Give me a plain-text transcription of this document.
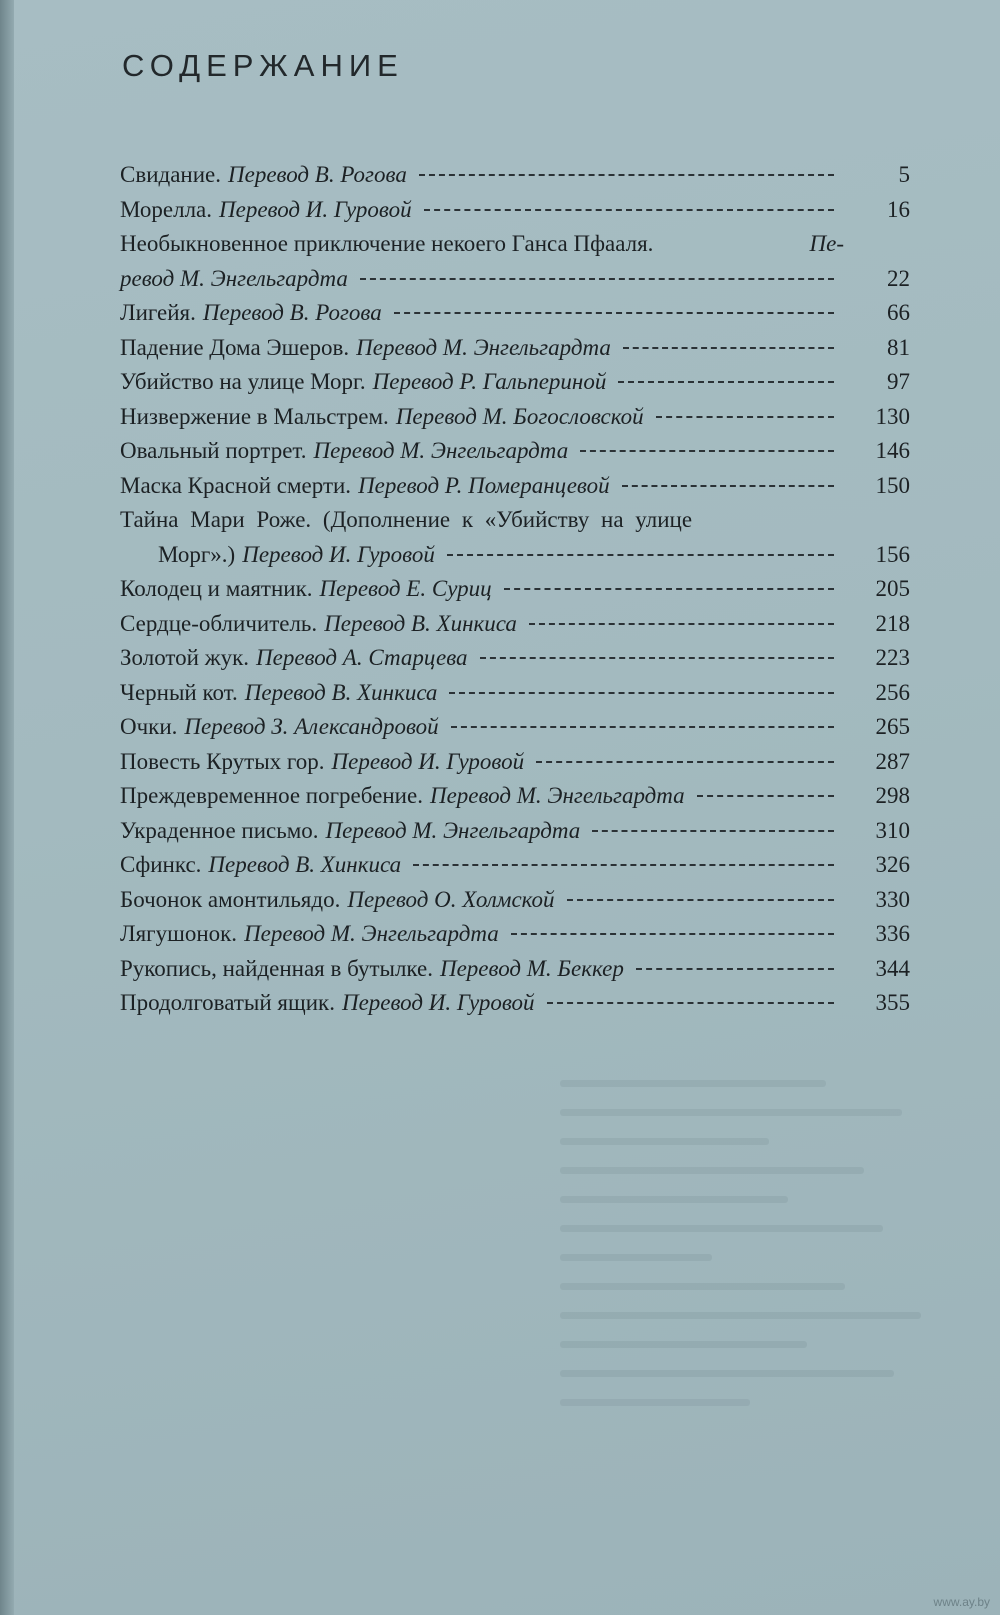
СОДЕРЖАНИЕ
Свидание. Перевод В. Рогова	5
Морелла. Перевод И. Гуровой	16
Необыкновенное приключение некоего Ганса Пфааля.	Пе-
ревод М. Энгельгардта	22
Лигейя. Перевод В. Рогова	66
Падение Дома Эшеров. Перевод М. Энгельгардта	81
Убийство на улице Морг. Перевод Р. Гальпериной	97
Низвержение в Мальстрем. Перевод М. Богословской	130
Овальный портрет. Перевод М. Энгельгардта	146
Маска Красной смерти. Перевод Р. Померанцевой	150
Тайна Мари Роже. (Дополнение к «Убийству на улице
Морг».) Перевод И. Гуровой	156
Колодец и маятник. Перевод Е. Суриц	205
Сердце-обличитель. Перевод В. Хинкиса	218
Золотой жук. Перевод А. Старцева	223
Черный кот. Перевод В. Хинкиса	256
Очки. Перевод З. Александровой	265
Повесть Крутых гор. Перевод И. Гуровой	287
Преждевременное погребение. Перевод М. Энгельгардта	298
Украденное письмо. Перевод М. Энгельгардта	310
Сфинкс. Перевод В. Хинкиса	326
Бочонок амонтильядо. Перевод О. Холмской	330
Лягушонок. Перевод М. Энгельгардта	336
Рукопись, найденная в бутылке. Перевод М. Беккер	344
Продолговатый ящик. Перевод И. Гуровой	355
www.ay.by
